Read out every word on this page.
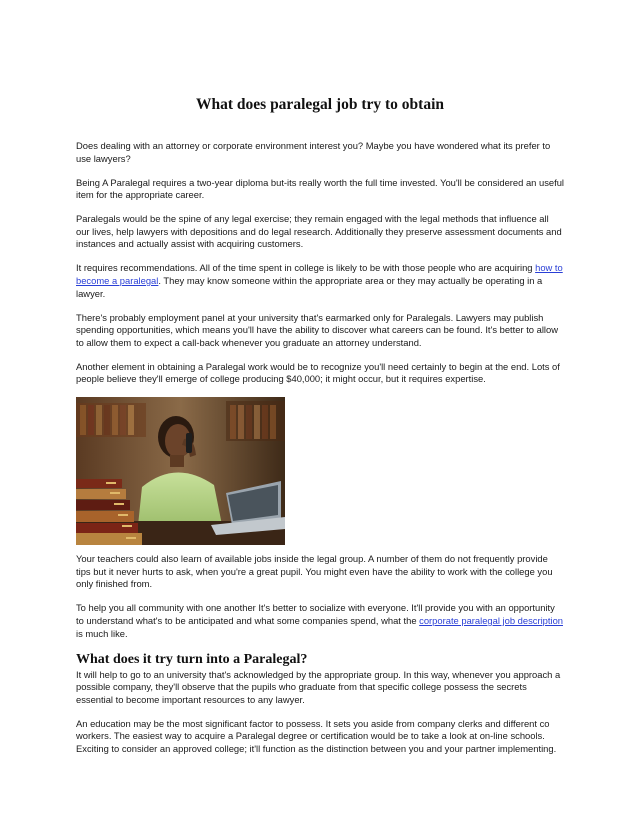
What does paralegal job try to obtain

Does dealing with an attorney or corporate environment interest you? Maybe you have wondered what its prefer to use lawyers?

Being A Paralegal requires a two-year diploma but-its really worth the full time invested. You'll be considered an useful item for the appropriate career.

Paralegals would be the spine of any legal exercise; they remain engaged with the legal methods that influence all our lives, help lawyers with depositions and do legal research. Additionally they preserve assessment documents and instances and actually assist with acquiring customers.

It requires recommendations. All of the time spent in college is likely to be with those people who are acquiring how to become a paralegal. They may know someone within the appropriate area or they may actually be operating in a lawyer.

There's probably employment panel at your university that's earmarked only for Paralegals. Lawyers may publish spending opportunities, which means you'll have the ability to discover what careers can be found. It's better to allow to allow them to expect a call-back whenever you graduate an attorney understand.

Another element in obtaining a Paralegal work would be to recognize you'll need certainly to begin at the end. Lots of people believe they'll emerge of college producing $40,000; it might occur, but it requires expertise.

Your teachers could also learn of available jobs inside the legal group. A number of them do not frequently provide tips but it never hurts to ask, when you're a great pupil. You might even have the ability to work with the college you only finished from.

To help you all community with one another It's better to socialize with everyone. It'll provide you with an opportunity to understand what's to be anticipated and what some companies spend, what the corporate paralegal job description is much like.

What does it try turn into a Paralegal?

It will help to go to an university that's acknowledged by the appropriate group. In this way, whenever you approach a possible company, they'll observe that the pupils who graduate from that specific college possess the secrets essential to become important resources to any lawyer.

An education may be the most significant factor to possess. It sets you aside from company clerks and different co workers. The easiest way to acquire a Paralegal degree or certification would be to take a look at on-line schools. Exciting to consider an approved college; it'll function as the distinction between you and your partner implementing.
